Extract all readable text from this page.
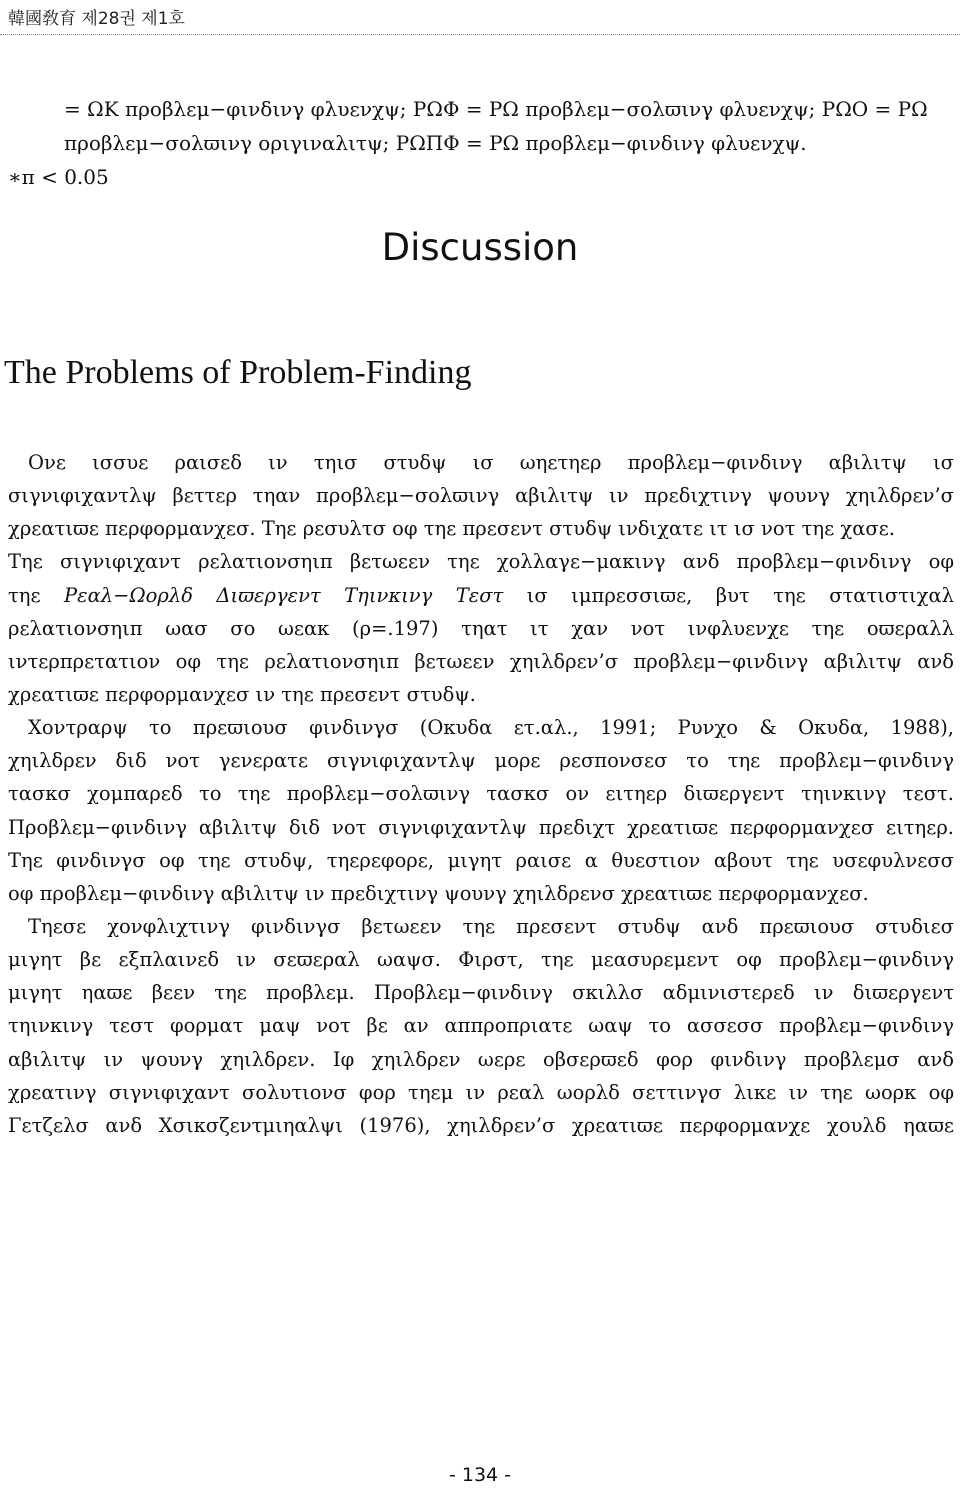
韓國敎育 제28권 제1호
= ΩΚ προβλεμ−φινδινγ φλυενχψ; ΡΩΦ = ΡΩ προβλεμ−σολϖινγ φλυενχψ; ΡΩΟ = ΡΩ
προβλεμ−σολϖινγ οριγιναλιτψ; ΡΩΠΦ = ΡΩ προβλεμ−φινδινγ φλυενχψ.
∗π < 0.05
Discussion
The Problems of Problem-Finding
Ονε ισσυε ραισεδ ιν τηισ στυδψ ισ ωηετηερ προβλεμ−φινδινγ αβιλιτψ ισ
σιγνιφιχαντλψ βεττερ τηαν προβλεμ−σολϖινγ αβιλιτψ ιν πρεδιχτινγ ψουνγ χηιλδρεν’σ
χρεατιϖε περφορμανχεσ. Τηε ρεσυλτσ οφ τηε πρεσεντ στυδψ ινδιχατε ιτ ισ νοτ τηε χασε.
Τηε σιγνιφιχαντ ρελατιονσηιπ βετωεεν τηε χολλαγε−μακινγ ανδ προβλεμ−φινδινγ οφ
τηε Ρεαλ−Ωορλδ Διϖεργεντ Τηινκινγ Τεστ ισ ιμπρεσσιϖε, βυτ τηε στατιστιχαλ
ρελατιονσηιπ ωασ σο ωεακ (ρ=.197) τηατ ιτ χαν νοτ ινφλυενχε τηε οϖεραλλ
ιντερπρετατιον οφ τηε ρελατιονσηιπ βετωεεν χηιλδρεν’σ προβλεμ−φινδινγ αβιλιτψ ανδ
χρεατιϖε περφορμανχεσ ιν τηε πρεσεντ στυδψ.
Χοντραρψ το πρεϖιουσ φινδινγσ (Οκυδα ετ.αλ., 1991; Ρυνχο & Οκυδα, 1988),
χηιλδρεν διδ νοτ γενερατε σιγνιφιχαντλψ μορε ρεσπονσεσ το τηε προβλεμ−φινδινγ
τασκσ χομπαρεδ το τηε προβλεμ−σολϖινγ τασκσ ον ειτηερ διϖεργεντ τηινκινγ τεστ.
Προβλεμ−φινδινγ αβιλιτψ διδ νοτ σιγνιφιχαντλψ πρεδιχτ χρεατιϖε περφορμανχεσ ειτηερ.
Τηε φινδινγσ οφ τηε στυδψ, τηερεφορε, μιγητ ραισε α θυεστιον αβουτ τηε υσεφυλνεσσ
οφ προβλεμ−φινδινγ αβιλιτψ ιν πρεδιχτινγ ψουνγ χηιλδρενσ χρεατιϖε περφορμανχεσ.
Τηεσε χονφλιχτινγ φινδινγσ βετωεεν τηε πρεσεντ στυδψ ανδ πρεϖιουσ στυδιεσ
μιγητ βε εξπλαινεδ ιν σεϖεραλ ωαψσ. Φιρστ, τηε μεασυρεμεντ οφ προβλεμ−φινδινγ
μιγητ ηαϖε βεεν τηε προβλεμ. Προβλεμ−φινδινγ σκιλλσ αδμινιστερεδ ιν διϖεργεντ
τηινκινγ τεστ φορματ μαψ νοτ βε αν αππροπριατε ωαψ το ασσεσσ προβλεμ−φινδινγ
αβιλιτψ ιν ψουνγ χηιλδρεν. Ιφ χηιλδρεν ωερε οβσερϖεδ φορ φινδινγ προβλεμσ ανδ
χρεατινγ σιγνιφιχαντ σολυτιονσ φορ τηεμ ιν ρεαλ ωορλδ σεττινγσ λικε ιν τηε ωορκ οφ
Γετζελσ ανδ Χσικσζεντμιηαλψι (1976), χηιλδρεν’σ χρεατιϖε περφορμανχε χουλδ ηαϖε
- 134 -
